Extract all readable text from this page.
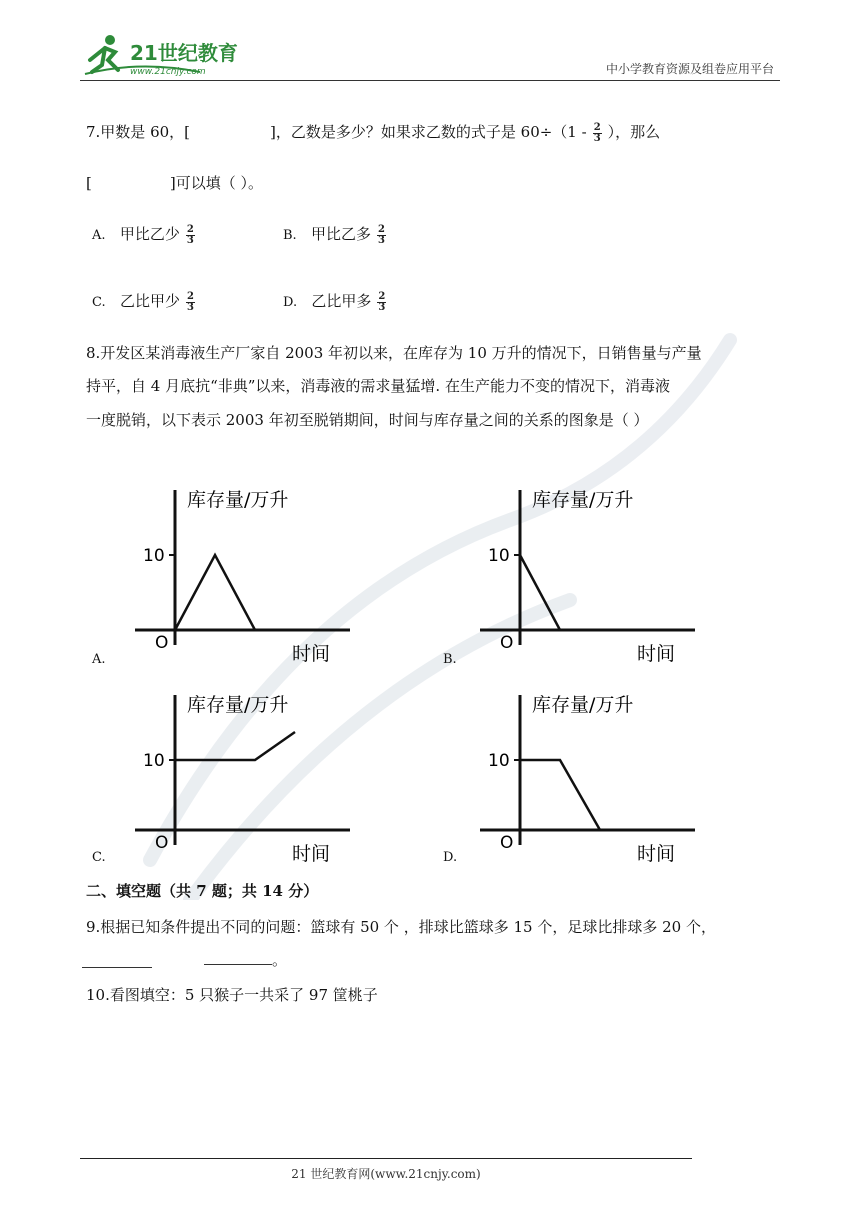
21世纪教育
www.21cnjy.com	中小学教育资源及组卷应用平台
7.甲数是 60，[	]，乙数是多少？如果求乙数的式子是 $60\div(1 - \frac{2}{3}$ ），那么
[	]可以填（ ）。
A. 甲比乙少 $\frac{2}{3}$	B. 甲比乙多 $\frac{2}{3}$
C. 乙比甲少 $\frac{2}{3}$	D. 乙比甲多 $\frac{2}{3}$
8.开发区某消毒液生产厂家自 2003 年初以来，在库存为 10 万升的情况下，日销售量与产量
持平，自 4 月底抗“非典”以来，消毒液的需求量猛增. 在生产能力不变的情况下，消毒液
一度脱销，以下表示 2003 年初至脱销期间，时间与库存量之间的关系的图象是（ ）
10
O
库存量/万升
时间
10
O
库存量/万升
时间
10
O
库存量/万升
时间
10
O
库存量/万升
时间
A.	B.
C.	D.
二、填空题（共 7 题；共 14 分）
9.根据已知条件提出不同的问题：篮球有 50 个 ，排球比篮球多 15 个，足球比排球多 20 个，
。
10.看图填空：5 只猴子一共采了 97 筐桃子
21 世纪教育网(www.21cnjy.com)
